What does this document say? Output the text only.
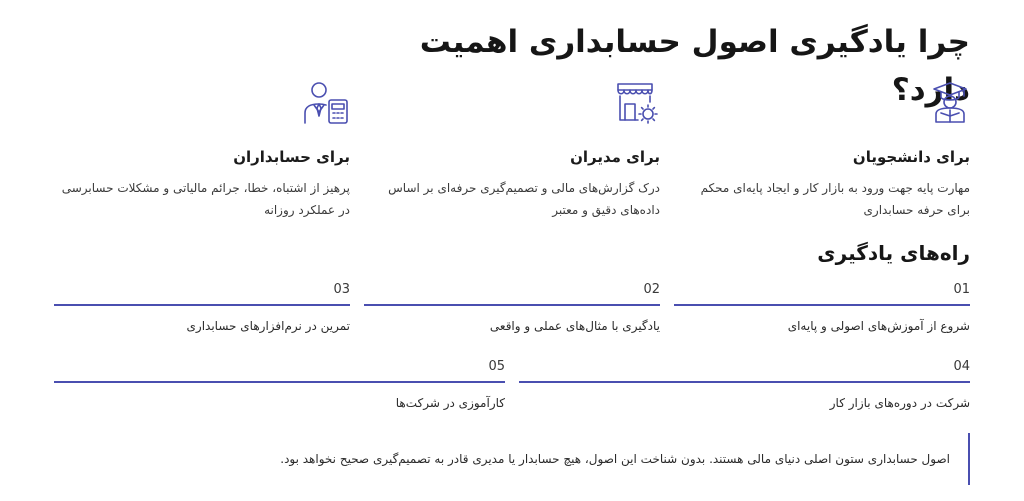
چرا یادگیری اصول حسابداری اهمیت دارد؟
برای دانشجویان

مهارت پایه جهت ورود به بازار کار و ایجاد پایه‌ای محکم برای حرفه حسابداری

برای مدیران

درک گزارش‌های مالی و تصمیم‌گیری حرفه‌ای بر اساس داده‌های دقیق و معتبر

برای حسابداران

پرهیز از اشتباه، خطا، جرائم مالیاتی و مشکلات حسابرسی در عملکرد روزانه

راه‌های یادگیری
01
شروع از آموزش‌های اصولی و پایه‌ای
02
یادگیری با مثال‌های عملی و واقعی
03
تمرین در نرم‌افزارهای حسابداری
04
شرکت در دوره‌های بازار کار
05
کارآموزی در شرکت‌ها
اصول حسابداری ستون اصلی دنیای مالی هستند. بدون شناخت این اصول، هیچ حسابدار یا مدیری قادر به تصمیم‌گیری صحیح نخواهد بود.
